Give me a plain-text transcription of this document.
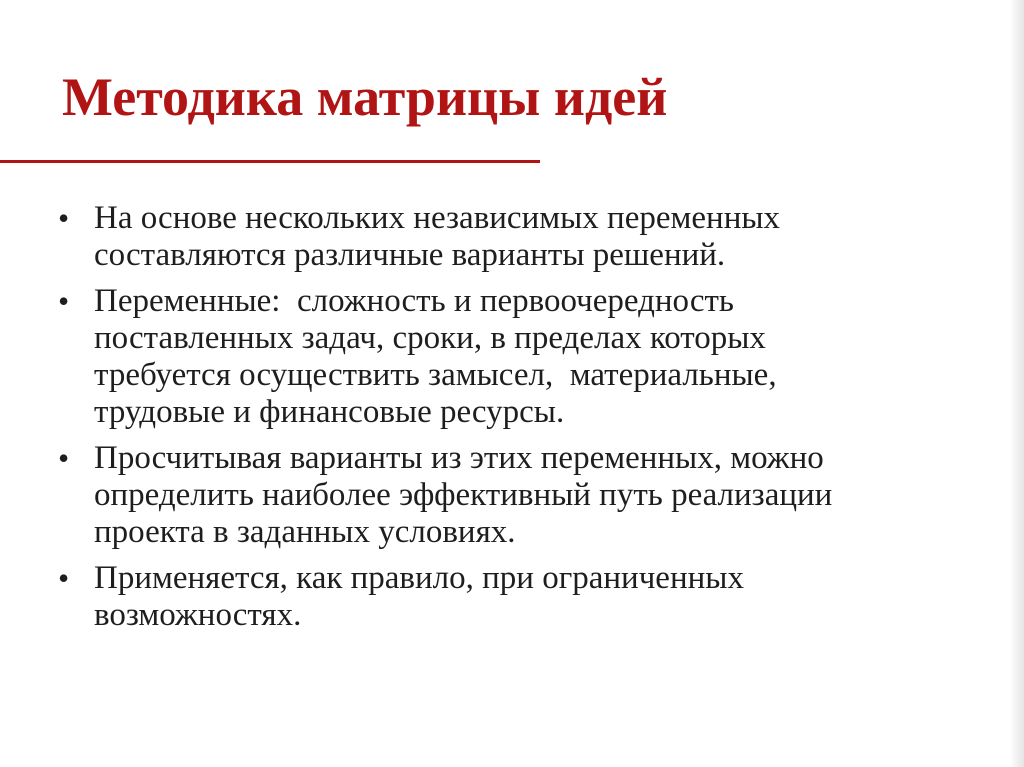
Методика матрицы идей
• На основе нескольких независимых переменных
составляются различные варианты решений.
• Переменные:  сложность и первоочередность
поставленных задач, сроки, в пределах которых
требуется осуществить замысел,  материальные,
трудовые и финансовые ресурсы.
• Просчитывая варианты из этих переменных, можно
определить наиболее эффективный путь реализации
проекта в заданных условиях.
• Применяется, как правило, при ограниченных
возможностях.
